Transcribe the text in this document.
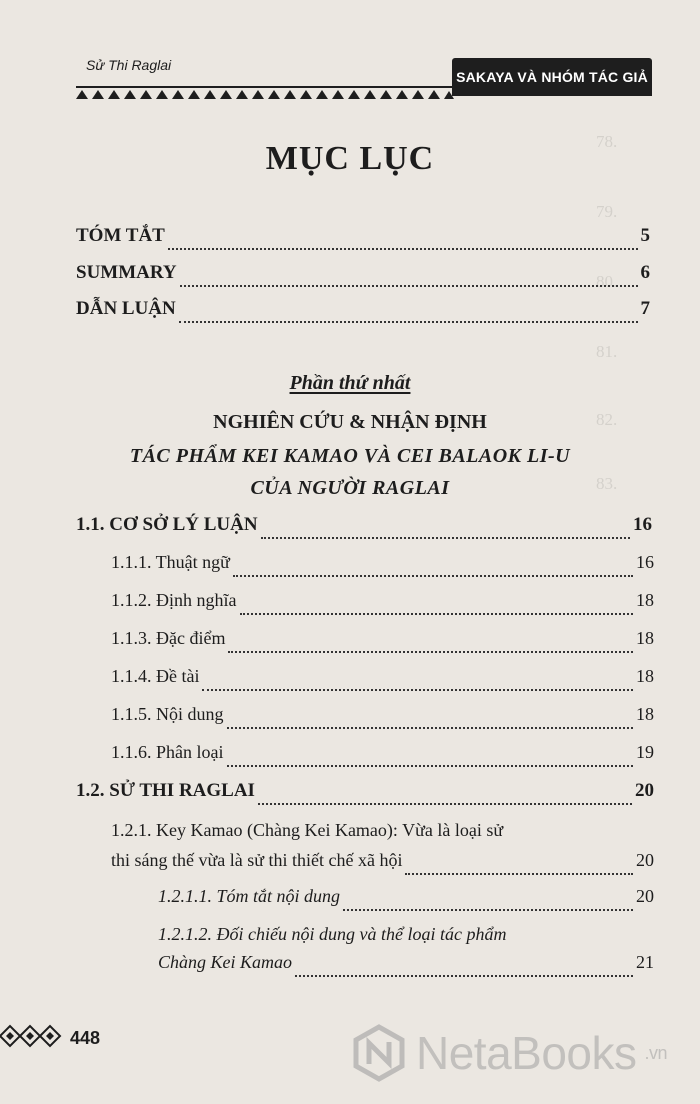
78.
79.
80.
81.
82.
83.
Sử Thi Raglai
SAKAYA VÀ NHÓM TÁC GIẢ
MỤC LỤC
TÓM TẮT	5
SUMMARY	6
DẪN LUẬN	7
Phần thứ nhất
NGHIÊN CỨU & NHẬN ĐỊNH
TÁC PHẨM KEI KAMAO VÀ CEI BALAOK LI-U
CỦA NGƯỜI RAGLAI
1.1. CƠ SỞ LÝ LUẬN	16
1.1.1. Thuật ngữ	16
1.1.2. Định nghĩa	18
1.1.3. Đặc điểm	18
1.1.4. Đề tài	18
1.1.5. Nội dung	18
1.1.6. Phân loại	19
1.2. SỬ THI RAGLAI	20
1.2.1. Key Kamao (Chàng Kei Kamao): Vừa là loại sử
thi sáng thế vừa là sử thi thiết chế xã hội	20
1.2.1.1. Tóm tắt nội dung	20
1.2.1.2. Đối chiếu nội dung và thể loại tác phẩm
Chàng Kei Kamao	21
448	NetaBooks .vn
